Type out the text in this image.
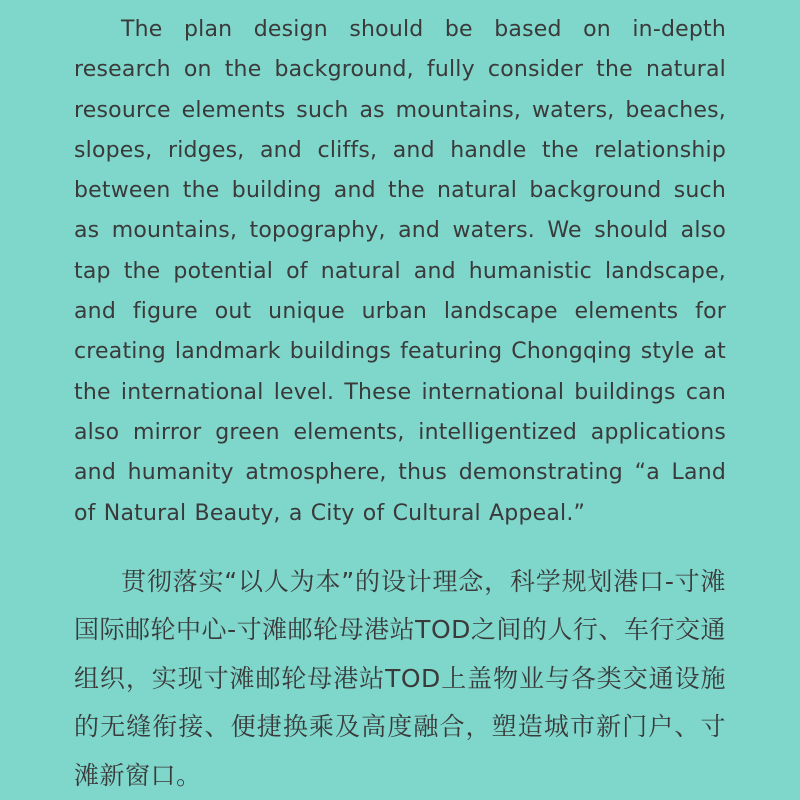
The plan design should be based on in-depth research on the background, fully consider the natural resource elements such as mountains, waters, beaches, slopes, ridges, and cliffs, and handle the relationship between the building and the natural background such as mountains, topography, and waters. We should also tap the potential of natural and humanistic landscape, and figure out unique urban landscape elements for creating landmark buildings featuring Chongqing style at the international level. These international buildings can also mirror green elements, intelligentized applications and humanity atmosphere, thus demonstrating “a Land of Natural Beauty, a City of Cultural Appeal.”

贯彻落实“以人为本”的设计理念，科学规划港口-寸滩国际邮轮中心-寸滩邮轮母港站TOD之间的人行、车行交通组织，实现寸滩邮轮母港站TOD上盖物业与各类交通设施的无缝衔接、便捷换乘及高度融合，塑造城市新门户、寸滩新窗口。
